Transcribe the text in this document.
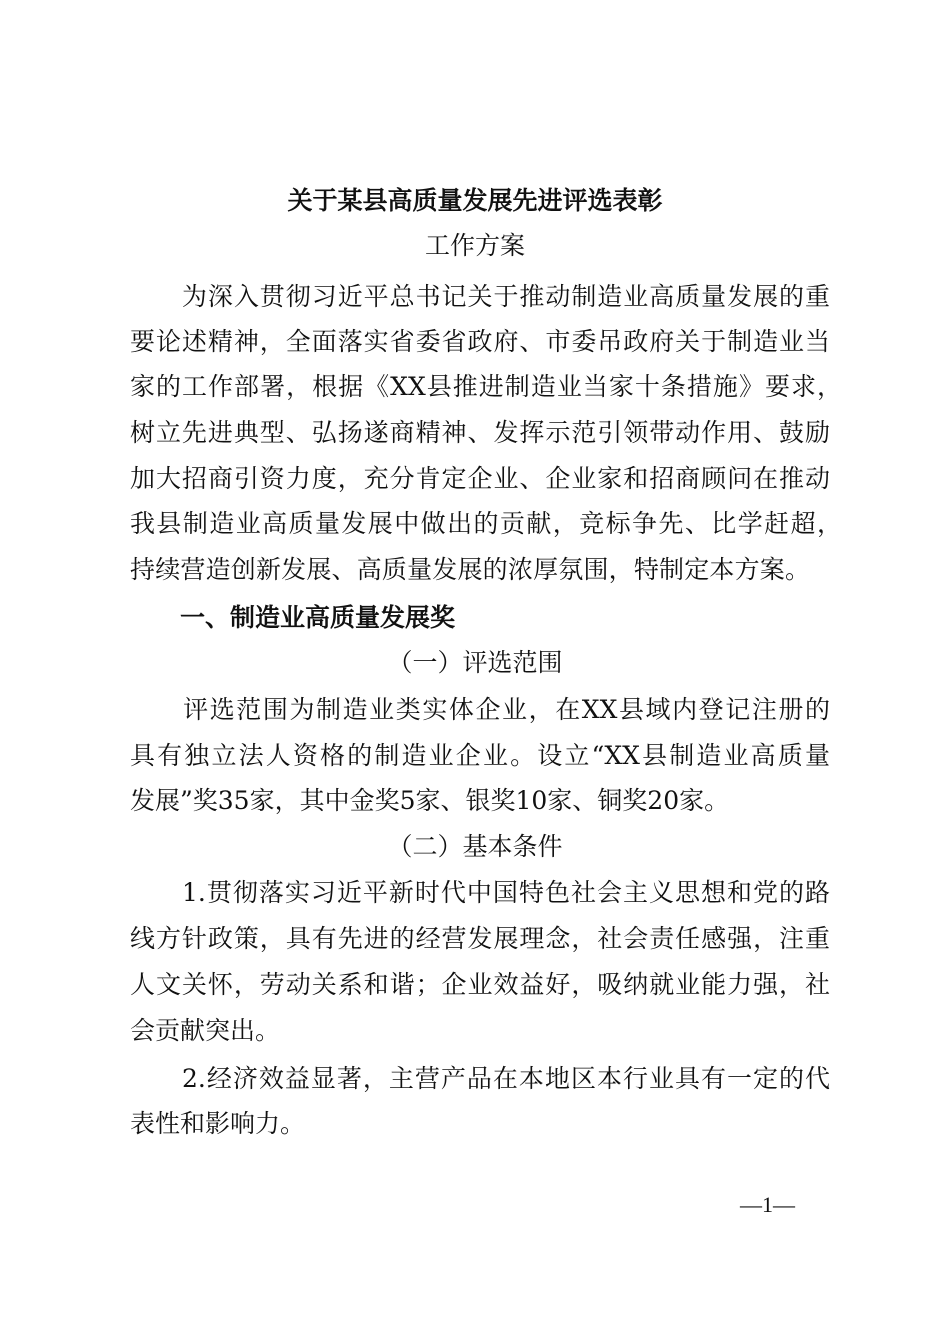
关于某县高质量发展先进评选表彰
工作方案
　　为深入贯彻习近平总书记关于推动制造业高质量发展的重
要论述精神，全面落实省委省政府、市委吊政府关于制造业当
家的工作部署，根据《XX县推进制造业当家十条措施》要求，
树立先进典型、弘扬遂商精神、发挥示范引领带动作用、鼓励
加大招商引资力度，充分肯定企业、企业家和招商顾问在推动
我县制造业高质量发展中做出的贡献，竞标争先、比学赶超，
持续营造创新发展、高质量发展的浓厚氛围，特制定本方案。
　　一、制造业高质量发展奖
（一）评选范围
　　评选范围为制造业类实体企业，在XX县域内登记注册的
具有独立法人资格的制造业企业。设立“XX县制造业高质量
发展”奖35家，其中金奖5家、银奖10家、铜奖20家。
（二）基本条件
　　1.贯彻落实习近平新时代中国特色社会主义思想和党的路
线方针政策，具有先进的经营发展理念，社会责任感强，注重
人文关怀，劳动关系和谐；企业效益好，吸纳就业能力强，社
会贡献突出。
　　2.经济效益显著，主营产品在本地区本行业具有一定的代
表性和影响力。
—1—
